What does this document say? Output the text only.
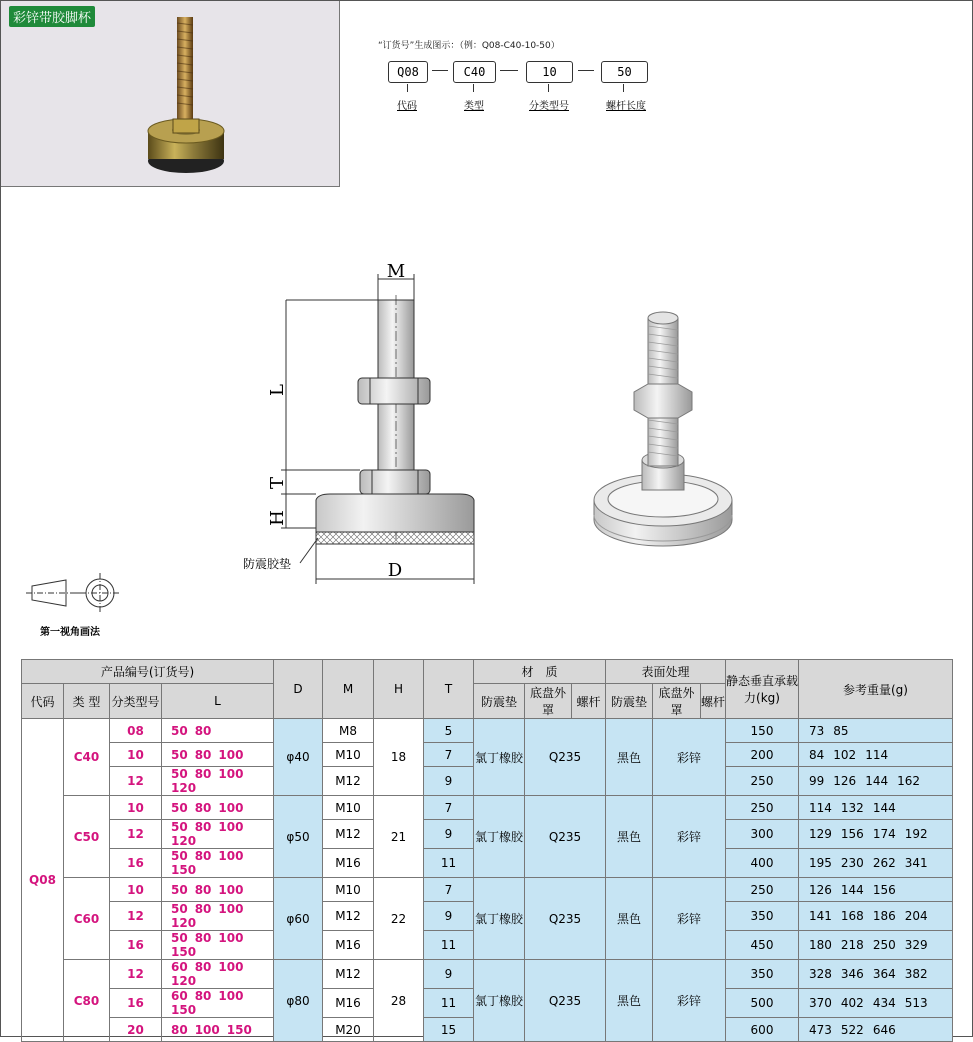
彩锌带胶脚杯
“订货号”生成图示：（例：Q08-C40-10-50）
Q08	C40	10	50
代码	类型	分类型号	螺杆长度
M
L
T
H
D
防震胶垫
第一视角画法
产品编号(订货号)				D	M	H	T	材　质			表面处理			静态垂直承载力(kg)	参考重量(g)
代码	类 型	分类型号	L					防震垫	底盘外罩	螺杆	防震垫	底盘外罩	螺杆		
Q08	C40	08	50 80	φ40	M8	18	5	氯丁橡胶	Q235		黑色	彩锌		150	73 85
		10	50 80 100		M10		7							200	84 102 114
		12	50 80 100120		M12		9							250	99 126 144 162
	C50	10	50 80 100	φ50	M10	21	7	氯丁橡胶	Q235		黑色	彩锌		250	114 132 144
		12	50 80 100120		M12		9							300	129 156 174 192
		16	50 80 100150		M16		11							400	195 230 262 341
	C60	10	50 80 100	φ60	M10	22	7	氯丁橡胶	Q235		黑色	彩锌		250	126 144 156
		12	50 80 100120		M12		9							350	141 168 186 204
		16	50 80 100150		M16		11							450	180 218 250 329
	C80	12	60 80 100120	φ80	M12	28	9	氯丁橡胶	Q235		黑色	彩锌		350	328 346 364 382
		16	60 80 100150		M16		11							500	370 402 434 513
		20	80 100 150		M20		15							600	473 522 646
